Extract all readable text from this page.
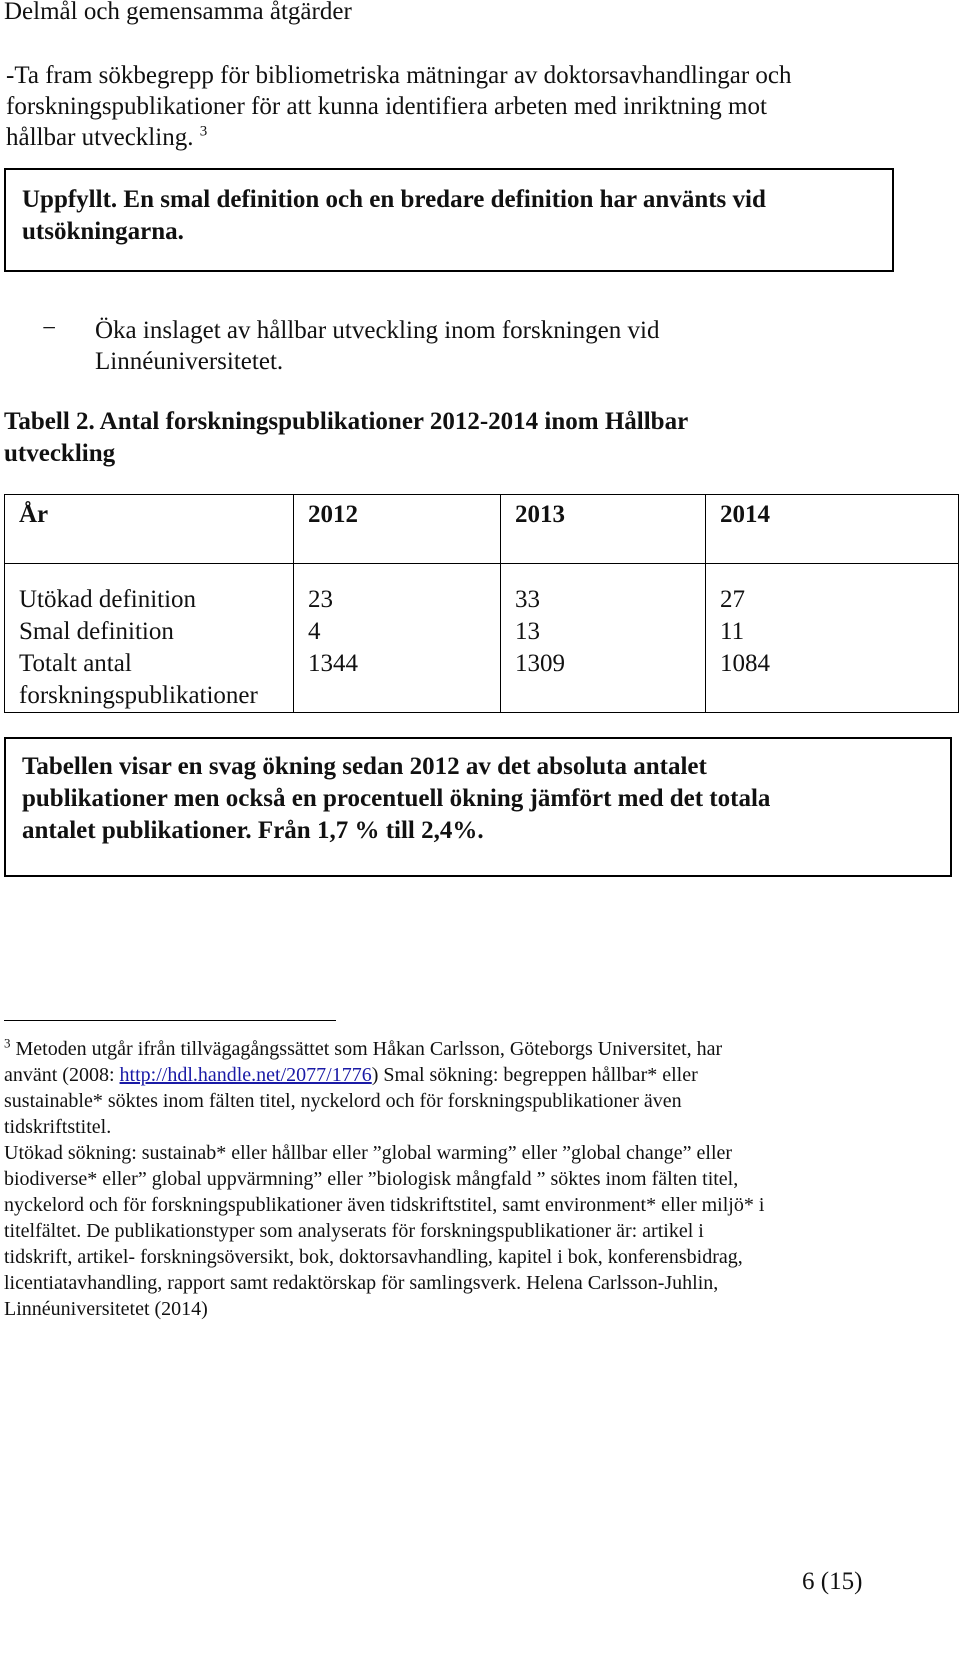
Delmål och gemensamma åtgärder
-Ta fram sökbegrepp för bibliometriska mätningar av doktorsavhandlingar och
forskningspublikationer för att kunna identifiera arbeten med inriktning mot
hållbar utveckling. $^3$
Uppfyllt. En smal definition och en bredare definition har använts vid
utsökningarna.
− Öka inslaget av hållbar utveckling inom forskningen vid
Linnéuniversitetet.
Tabell 2. Antal forskningspublikationer 2012-2014 inom Hållbar
utveckling
År	2012	2013	2014
Utökad definition	23	33	27
Smal definition	4	13	11

Totalt antal
forskningspublikationer	1344	1309	1084
Tabellen visar en svag ökning sedan 2012 av det absoluta antalet
publikationer men också en procentuell ökning jämfört med det totala
antalet publikationer. Från 1,7 % till 2,4%.
$^3$ Metoden utgår ifrån tillvägagångssättet som Håkan Carlsson, Göteborgs Universitet, har
använt (2008: http://hdl.handle.net/2077/1776) Smal sökning: begreppen hållbar* eller
sustainable* söktes inom fälten titel, nyckelord och för forskningspublikationer även
tidskriftstitel.
Utökad sökning: sustainab* eller hållbar eller ”global warming” eller ”global change” eller
biodiverse* eller” global uppvärmning” eller ”biologisk mångfald ” söktes inom fälten titel,
nyckelord och för forskningspublikationer även tidskriftstitel, samt environment* eller miljö* i
titelfältet. De publikationstyper som analyserats för forskningspublikationer är: artikel i
tidskrift, artikel- forskningsöversikt, bok, doktorsavhandling, kapitel i bok, konferensbidrag,
licentiatavhandling, rapport samt redaktörskap för samlingsverk. Helena Carlsson-Juhlin,
Linnéuniversitetet (2014)
6 (15)
